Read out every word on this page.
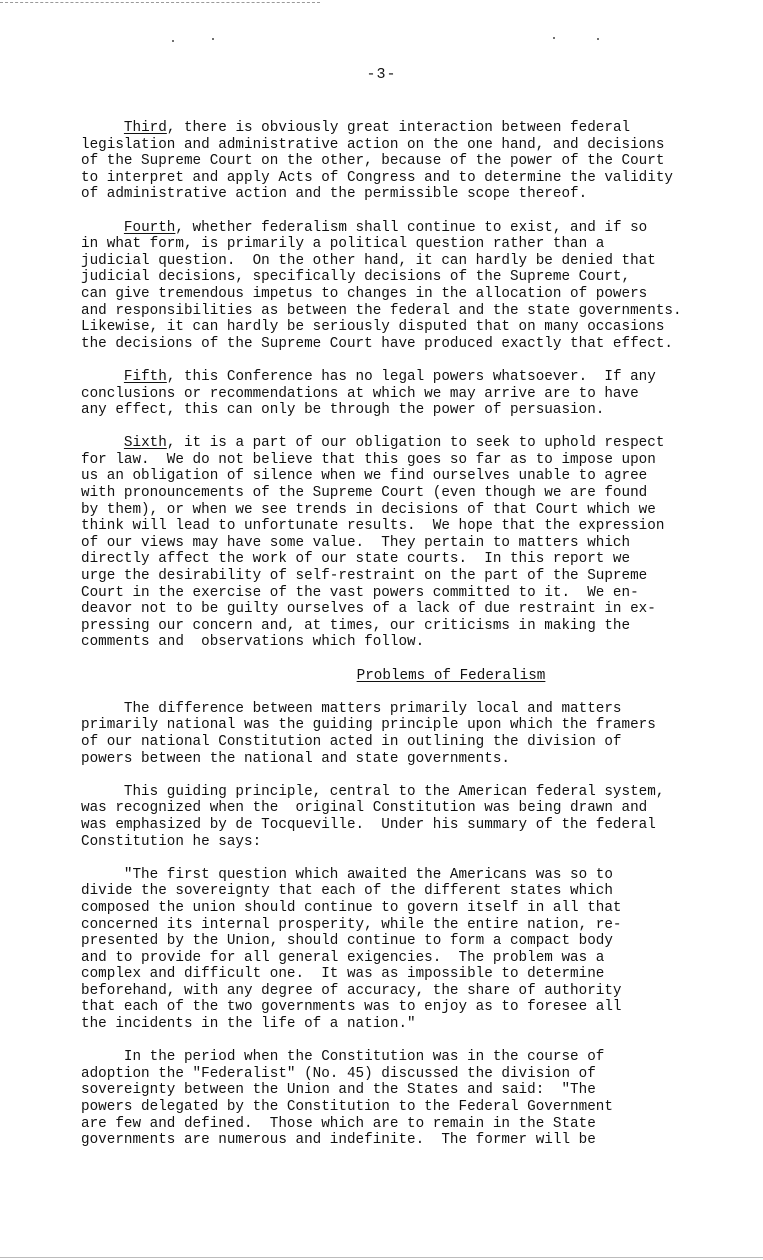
-3-
Third, there is obviously great interaction between federal
legislation and administrative action on the one hand, and decisions
of the Supreme Court on the other, because of the power of the Court
to interpret and apply Acts of Congress and to determine the validity
of administrative action and the permissible scope thereof.
Fourth, whether federalism shall continue to exist, and if so
in what form, is primarily a political question rather than a
judicial question.  On the other hand, it can hardly be denied that
judicial decisions, specifically decisions of the Supreme Court,
can give tremendous impetus to changes in the allocation of powers
and responsibilities as between the federal and the state governments.
Likewise, it can hardly be seriously disputed that on many occasions
the decisions of the Supreme Court have produced exactly that effect.
Fifth, this Conference has no legal powers whatsoever.  If any
conclusions or recommendations at which we may arrive are to have
any effect, this can only be through the power of persuasion.
Sixth, it is a part of our obligation to seek to uphold respect
for law.  We do not believe that this goes so far as to impose upon
us an obligation of silence when we find ourselves unable to agree
with pronouncements of the Supreme Court (even though we are found
by them), or when we see trends in decisions of that Court which we
think will lead to unfortunate results.  We hope that the expression
of our views may have some value.  They pertain to matters which
directly affect the work of our state courts.  In this report we
urge the desirability of self-restraint on the part of the Supreme
Court in the exercise of the vast powers committed to it.  We en-
deavor not to be guilty ourselves of a lack of due restraint in ex-
pressing our concern and, at times, our criticisms in making the
comments and  observations which follow.
Problems of Federalism
The difference between matters primarily local and matters
primarily national was the guiding principle upon which the framers
of our national Constitution acted in outlining the division of
powers between the national and state governments.
This guiding principle, central to the American federal system,
was recognized when the  original Constitution was being drawn and
was emphasized by de Tocqueville.  Under his summary of the federal
Constitution he says:
"The first question which awaited the Americans was so to
divide the sovereignty that each of the different states which
composed the union should continue to govern itself in all that
concerned its internal prosperity, while the entire nation, re-
presented by the Union, should continue to form a compact body
and to provide for all general exigencies.  The problem was a
complex and difficult one.  It was as impossible to determine
beforehand, with any degree of accuracy, the share of authority
that each of the two governments was to enjoy as to foresee all
the incidents in the life of a nation."
In the period when the Constitution was in the course of
adoption the "Federalist" (No. 45) discussed the division of
sovereignty between the Union and the States and said:  "The
powers delegated by the Constitution to the Federal Government
are few and defined.  Those which are to remain in the State
governments are numerous and indefinite.  The former will be
